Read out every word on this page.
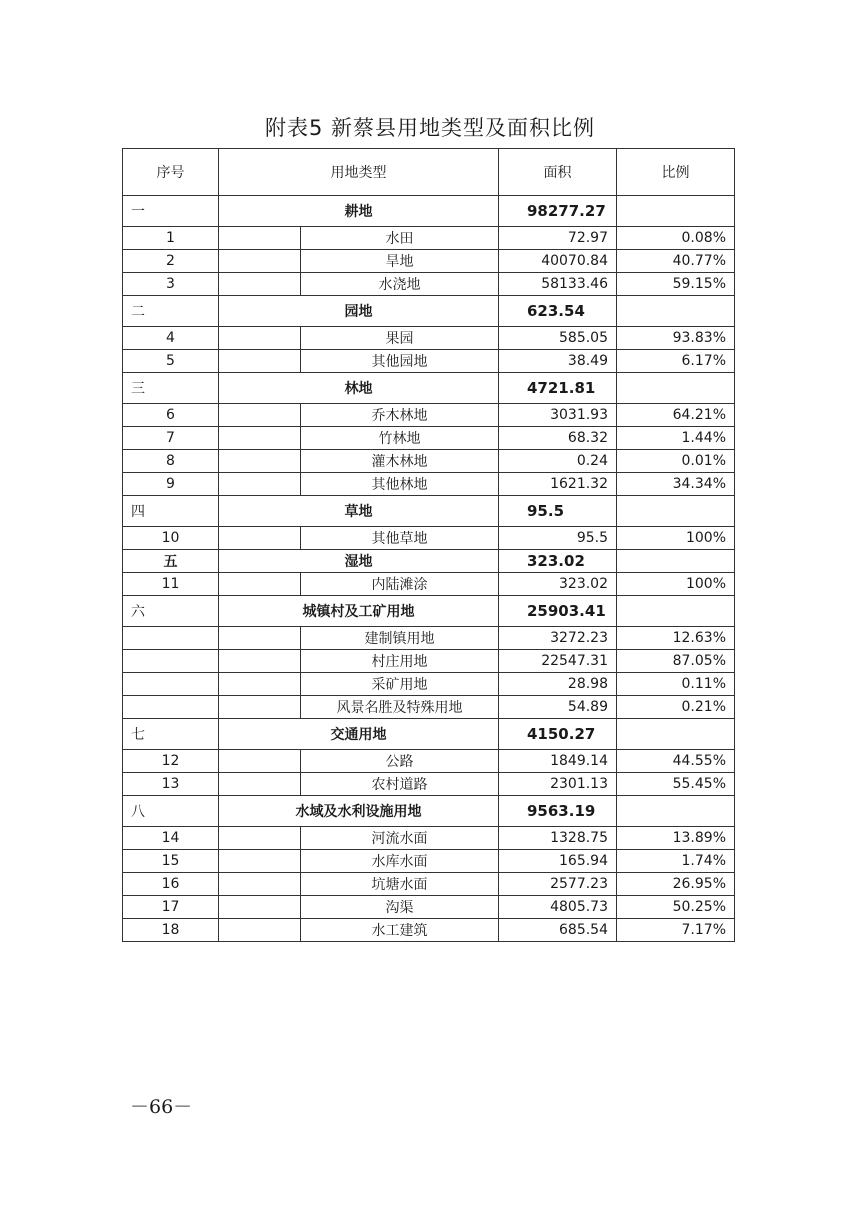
附表5 新蔡县用地类型及面积比例
序号	用地类型		面积	比例
一	耕地		98277.27	
1		水田	72.97	0.08%
2		旱地	40070.84	40.77%
3		水浇地	58133.46	59.15%
二	园地		623.54	
4		果园	585.05	93.83%
5		其他园地	38.49	6.17%
三	林地		4721.81	
6		乔木林地	3031.93	64.21%
7		竹林地	68.32	1.44%
8		灌木林地	0.24	0.01%
9		其他林地	1621.32	34.34%
四	草地		95.5	
10		其他草地	95.5	100%
五	湿地		323.02	
11		内陆滩涂	323.02	100%
六	城镇村及工矿用地		25903.41	
		建制镇用地	3272.23	12.63%
		村庄用地	22547.31	87.05%
		采矿用地	28.98	0.11%
		风景名胜及特殊用地	54.89	0.21%
七	交通用地		4150.27	
12		公路	1849.14	44.55%
13		农村道路	2301.13	55.45%
八	水域及水利设施用地		9563.19	
14		河流水面	1328.75	13.89%
15		水库水面	165.94	1.74%
16		坑塘水面	2577.23	26.95%
17		沟渠	4805.73	50.25%
18		水工建筑	685.54	7.17%
－66－
